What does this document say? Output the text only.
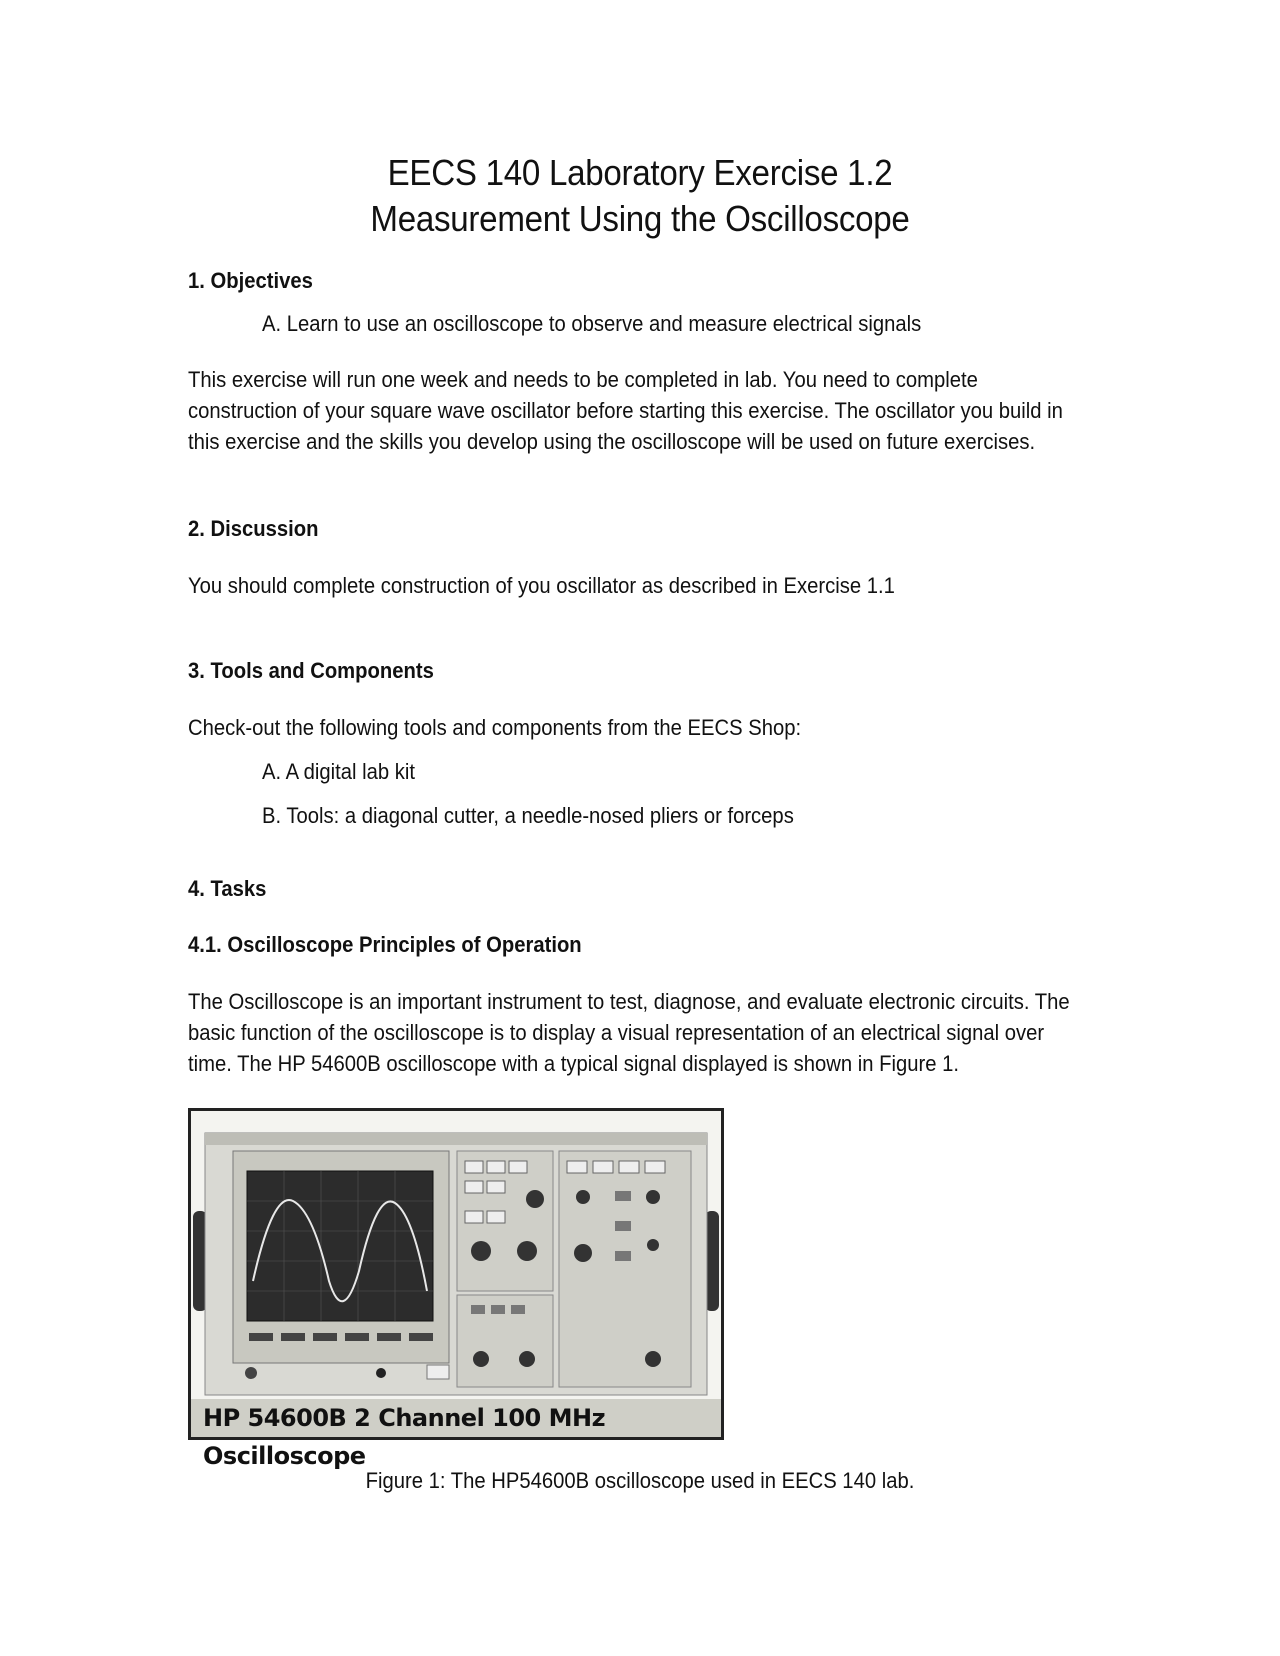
EECS 140 Laboratory Exercise 1.2
Measurement Using the Oscilloscope
1. Objectives
A. Learn to use an oscilloscope to observe and measure electrical signals
This exercise will run one week and needs to be completed in lab. You need to complete
construction of your square wave oscillator before starting this exercise. The oscillator you build in
this exercise and the skills you develop using the oscilloscope will be used on future exercises.
2. Discussion
You should complete construction of you oscillator as described in Exercise 1.1
3. Tools and Components
Check-out the following tools and components from the EECS Shop:
A. A digital lab kit
B. Tools: a diagonal cutter, a needle-nosed pliers or forceps
4. Tasks
4.1. Oscilloscope Principles of Operation
The Oscilloscope is an important instrument to test, diagnose, and evaluate electronic circuits. The
basic function of the oscilloscope is to display a visual representation of an electrical signal over
time. The HP 54600B oscilloscope with a typical signal displayed is shown in Figure 1.
HP 54600B 2 Channel 100 MHz Oscilloscope
Figure 1: The HP54600B oscilloscope used in EECS 140 lab.
